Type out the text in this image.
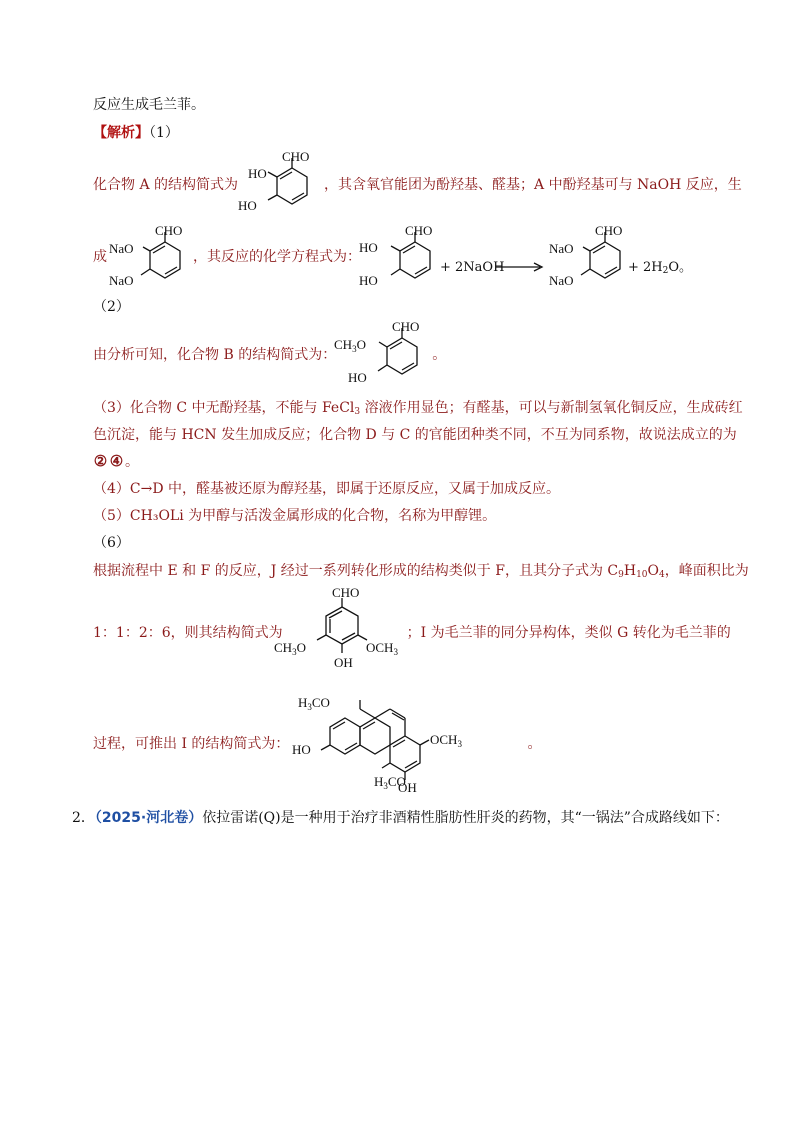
反应生成毛兰菲。
【解析】（1）
化合物 A 的结构简式为	，其含氧官能团为酚羟基、醛基；A 中酚羟基可与 NaOH 反应，生
CHO
HO
HO
成	，其反应的化学方程式为：
CHO
NaO
NaO
CHO
HO
HO
+ 2NaOH
CHO
NaO
NaO
+ $2H_2O$。
（2）
由分析可知，化合物 B 的结构简式为：	。
CHO
$CH_3O$
HO
（3）化合物 C 中无酚羟基，不能与 FeCl$_3$ 溶液作用显色；有醛基，可以与新制氢氧化铜反应，生成砖红
色沉淀，能与 HCN 发生加成反应；化合物 D 与 C 的官能团种类不同，不互为同系物，故说法成立的为
② ④ 。
（4）C→D 中，醛基被还原为醇羟基，即属于还原反应，又属于加成反应。
（5）CH₃OLi 为甲醇与活泼金属形成的化合物，名称为甲醇锂。
（6）
根据流程中 E 和 F 的反应，J 经过一系列转化形成的结构类似于 F，且其分子式为 $C_9H_{10}O_4$，峰面积比为
1：1：2：6，则其结构简式为	；I 为毛兰菲的同分异构体，类似 G 转化为毛兰菲的
CHO
$CH_3O$	$OCH_3$
OH
过程，可推出 I 的结构简式为：	。
$H_3CO$
HO
$OCH_3$
$H_3CO$
OH
2．（2025·河北卷）依拉雷诺(Q)是一种用于治疗非酒精性脂肪性肝炎的药物，其“一锅法”合成路线如下：
